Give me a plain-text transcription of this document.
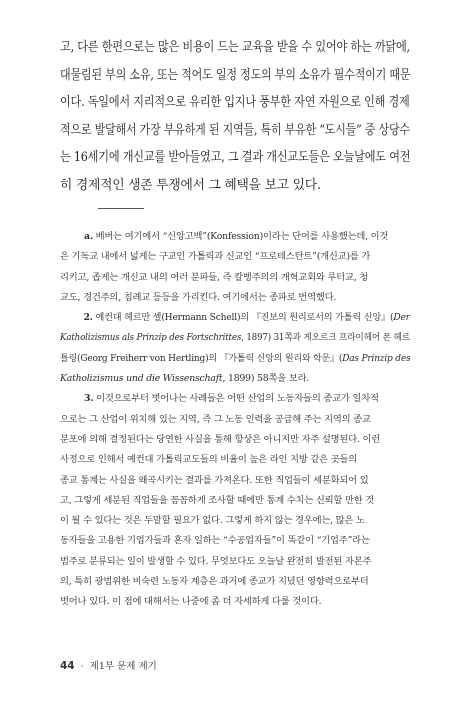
고, 다른 한편으로는 많은 비용이 드는 교육을 받을 수 있어야 하는 까닭에,
대물림된 부의 소유, 또는 적어도 일정 정도의 부의 소유가 필수적이기 때문
이다. 독일에서 지리적으로 유리한 입지나 풍부한 자연 자원으로 인해 경제
적으로 발달해서 가장 부유하게 된 지역들, 특히 부유한 “도시들” 중 상당수
는 16세기에 개신교를 받아들였고, 그 결과 개신교도들은 오늘날에도 여전
히 경제적인 생존 투쟁에서 그 혜택을 보고 있다.
a. 베버는 여기에서 “신앙고백”(Konfession)이라는 단어를 사용했는데, 이것
은 기독교 내에서 넓게는 구교인 가톨릭과 신교인 “프로테스탄트”(개신교)를 가
리키고, 좁게는 개신교 내의 여러 분파들, 즉 칼뱅주의의 개혁교회와 루터교, 청
교도, 경건주의, 침례교 등등을 가리킨다. 여기에서는 종파로 번역했다.
2. 예컨대 헤르만 셸(Hermann Schell)의 『진보의 원리로서의 가톨릭 신앙』(Der
Katholizismus als Prinzip des Fortschrittes, 1897) 31쪽과 게오르크 프라이헤어 폰 헤르
틀링(Georg Freiherr von Hertling)의 『가톨릭 신앙의 원리와 학문』(Das Prinzip des
Katholizismus und die Wissenschaft, 1899) 58쪽을 보라.
3. 이것으로부터 벗어나는 사례들은 어떤 산업의 노동자들의 종교가 일차적
으로는 그 산업이 위치해 있는 지역, 즉 그 노동 인력을 공급해 주는 지역의 종교
분포에 의해 결정된다는 당연한 사실을 통해 항상은 아니지만 자주 설명된다. 이런
사정으로 인해서 예컨대 가톨릭교도들의 비율이 높은 라인 지방 같은 곳들의
종교 통계는 사실을 왜곡시키는 결과를 가져온다. 또한 직업들이 세분화되어 있
고, 그렇게 세분된 직업들을 꼼꼼하게 조사할 때에만 통계 수치는 신뢰할 만한 것
이 될 수 있다는 것은 두말할 필요가 없다. 그렇게 하지 않는 경우에는, 많은 노
동자들을 고용한 기업가들과 혼자 일하는 “수공업자들”이 똑같이 “기업주”라는
범주로 분류되는 일이 발생할 수 있다. 무엇보다도 오늘날 완전히 발전된 자본주
의, 특히 광범위한 비숙련 노동자 계층은 과거에 종교가 지녔던 영향력으로부터
벗어나 있다. 이 점에 대해서는 나중에 좀 더 자세하게 다룰 것이다.
44 · 제1부 문제 제기
